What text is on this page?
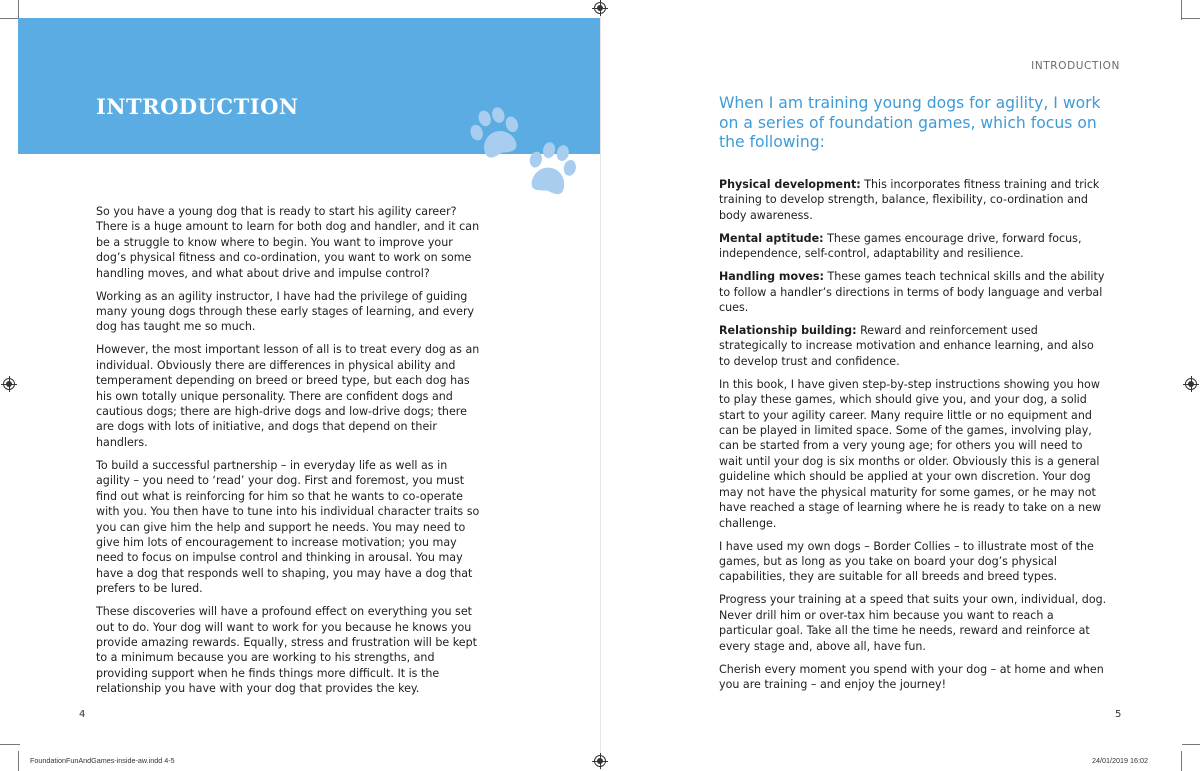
INTRODUCTION

So you have a young dog that is ready to start his agility career? There is a huge amount to learn for both dog and handler, and it can be a struggle to know where to begin. You want to improve your dog’s physical fitness and co-ordination, you want to work on some handling moves, and what about drive and impulse control?

Working as an agility instructor, I have had the privilege of guiding many young dogs through these early stages of learning, and every dog has taught me so much.

However, the most important lesson of all is to treat every dog as an individual. Obviously there are differences in physical ability and temperament depending on breed or breed type, but each dog has his own totally unique personality. There are confident dogs and cautious dogs; there are high-drive dogs and low-drive dogs; there are dogs with lots of initiative, and dogs that depend on their handlers.

To build a successful partnership – in everyday life as well as in agility – you need to ‘read’ your dog. First and foremost, you must find out what is reinforcing for him so that he wants to co-operate with you. You then have to tune into his individual character traits so you can give him the help and support he needs. You may need to give him lots of encouragement to increase motivation; you may need to focus on impulse control and thinking in arousal. You may have a dog that responds well to shaping, you may have a dog that prefers to be lured.

These discoveries will have a profound effect on everything you set out to do. Your dog will want to work for you because he knows you provide amazing rewards. Equally, stress and frustration will be kept to a minimum because you are working to his strengths, and providing support when he finds things more difficult. It is the relationship you have with your dog that provides the key.

4
INTRODUCTION
When I am training young dogs for agility, I work on a series of foundation games, which focus on the following:

Physical development: This incorporates fitness training and trick training to develop strength, balance, flexibility, co-ordination and body awareness.

Mental aptitude: These games encourage drive, forward focus, independence, self-control, adaptability and resilience.

Handling moves: These games teach technical skills and the ability to follow a handler’s directions in terms of body language and verbal cues.

Relationship building: Reward and reinforcement used strategically to increase motivation and enhance learning, and also to develop trust and confidence.

In this book, I have given step-by-step instructions showing you how to play these games, which should give you, and your dog, a solid start to your agility career. Many require little or no equipment and can be played in limited space. Some of the games, involving play, can be started from a very young age; for others you will need to wait until your dog is six months or older. Obviously this is a general guideline which should be applied at your own discretion. Your dog may not have the physical maturity for some games, or he may not have reached a stage of learning where he is ready to take on a new challenge.

I have used my own dogs – Border Collies – to illustrate most of the games, but as long as you take on board your dog’s physical capabilities, they are suitable for all breeds and breed types.

Progress your training at a speed that suits your own, individual, dog. Never drill him or over-tax him because you want to reach a particular goal. Take all the time he needs, reward and reinforce at every stage and, above all, have fun.

Cherish every moment you spend with your dog – at home and when you are training – and enjoy the journey!

5
FoundationFunAndGames-inside-aw.indd 4-5	24/01/2019 16:02
